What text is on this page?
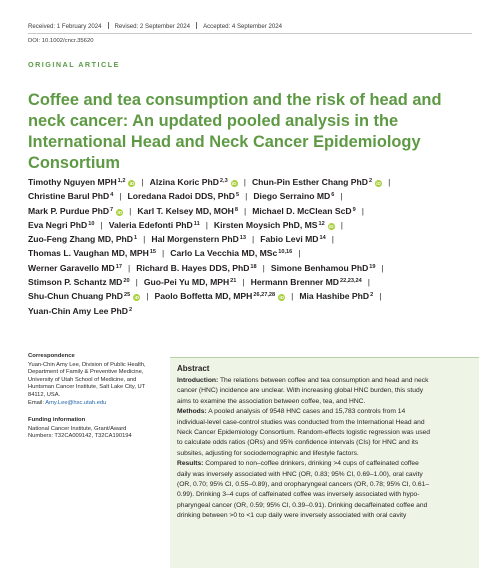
Received: 1 February 2024 Revised: 2 September 2024 Accepted: 4 September 2024
DOI: 10.1002/cncr.35620
ORIGINAL ARTICLE
Coffee and tea consumption and the risk of head and neck cancer: An updated pooled analysis in the International Head and Neck Cancer Epidemiology Consortium
Timothy Nguyen MPH$^{1,2}$ iD | Alzina Koric PhD$^{2,3}$ iD | Chun-Pin Esther Chang PhD$^2$ iD |
Christine Barul PhD$^4$ | Loredana Radoi DDS, PhD$^5$ | Diego Serraino $MD^6$ |
Mark P. Purdue PhD$^7$ iD | Karl T. Kelsey MD, MOH$^8$ | Michael D. McClean ScD$^9$ |
Eva Negri PhD$^{10}$ | Valeria Edefonti PhD$^{11}$ | Kirsten Moysich PhD, MS$^{12}$ iD |
Zuo-Feng Zhang MD, PhD$^1$ | Hal Morgenstern PhD$^{13}$ | Fabio Levi MD$^{14}$ |
Thomas L. Vaughan MD, MPH$^{15}$ | Carlo La Vecchia MD, MSc$^{10,16}$ |
Werner Garavello MD$^{17}$ | Richard B. Hayes DDS, PhD$^{18}$ | Simone Benhamou PhD$^{19}$ |
Stimson P. Schantz MD$^{20}$ | Guo-Pei Yu MD, MPH$^{21}$ | Hermann Brenner MD$^{22,23,24}$ |
Shu-Chun Chuang PhD$^{25}$ iD | Paolo Boffetta MD, MPH$^{26,27,28}$ iD | Mia Hashibe PhD$^2$ |
Yuan-Chin Amy Lee PhD$^2$
Correspondence
Yuan-Chin Amy Lee, Division of Public Health,
Department of Family & Preventive Medicine,
University of Utah School of Medicine, and
Huntsman Cancer Institute, Salt Lake City, UT
84112, USA.
Email: Amy.Lee@hsc.utah.edu
Funding information
National Cancer Institute, Grant/Award
Numbers: T32CA009142, T32CA190194
Abstract
Introduction: The relations between coffee and tea consumption and head and neck
cancer (HNC) incidence are unclear. With increasing global HNC burden, this study
aims to examine the association between coffee, tea, and HNC.
Methods: A pooled analysis of 9548 HNC cases and 15,783 controls from 14
individual-level case-control studies was conducted from the International Head and
Neck Cancer Epidemiology Consortium. Random-effects logistic regression was used
to calculate odds ratios (ORs) and 95% confidence intervals (CIs) for HNC and its
subsites, adjusting for sociodemographic and lifestyle factors.
Results: Compared to non–coffee drinkers, drinking >4 cups of caffeinated coffee
daily was inversely associated with HNC (OR, 0.83; 95% CI, 0.69–1.00), oral cavity
(OR, 0.70; 95% CI, 0.55–0.89), and oropharyngeal cancers (OR, 0.78; 95% CI, 0.61–
0.99). Drinking 3–4 cups of caffeinated coffee was inversely associated with hypo-
pharyngeal cancer (OR, 0.59; 95% CI, 0.39–0.91). Drinking decaffeinated coffee and
drinking between >0 to <1 cup daily were inversely associated with oral cavity
